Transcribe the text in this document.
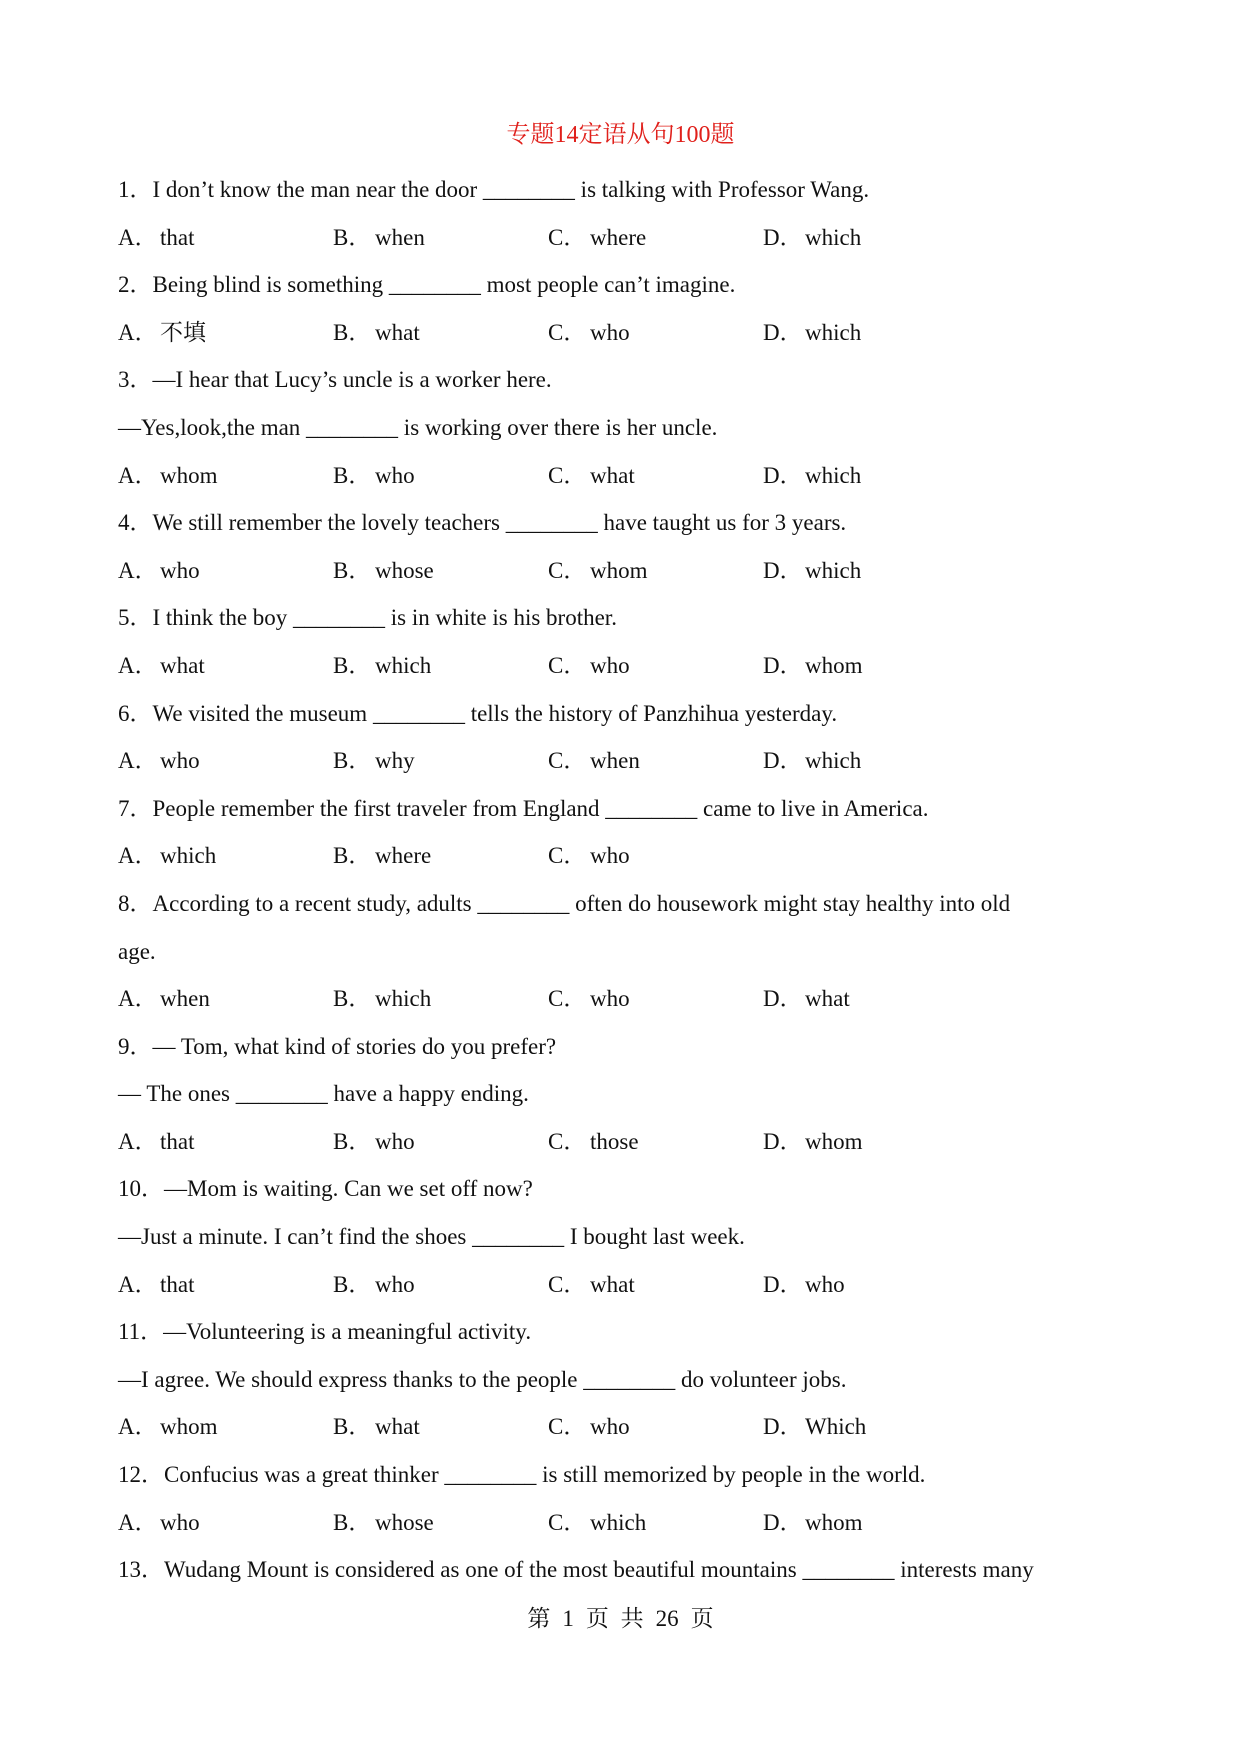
专题14定语从句100题
1．I don’t know the man near the door ________ is talking with Professor Wang.
A． that	B． when	C． where	D． which
2．Being blind is something ________ most people can’t imagine.
A． 不填	B． what	C． who	D． which
3．—I hear that Lucy’s uncle is a worker here.
—Yes,look,the man ________ is working over there is her uncle.
A． whom	B． who	C． what	D． which
4．We still remember the lovely teachers ________ have taught us for 3 years.
A． who	B． whose	C． whom	D． which
5．I think the boy ________ is in white is his brother.
A． what	B． which	C． who	D． whom
6．We visited the museum ________ tells the history of Panzhihua yesterday.
A． who	B． why	C． when	D． which
7．People remember the first traveler from England ________ came to live in America.
A． which	B． where	C． who
8．According to a recent study, adults ________ often do housework might stay healthy into old
age.
A． when	B． which	C． who	D． what
9．— Tom, what kind of stories do you prefer?
— The ones ________ have a happy ending.
A． that	B． who	C． those	D． whom
10．—Mom is waiting. Can we set off now?
—Just a minute. I can’t find the shoes ________ I bought last week.
A． that	B． who	C． what	D． who
11．—Volunteering is a meaningful activity.
—I agree. We should express thanks to the people ________ do volunteer jobs.
A． whom	B． what	C． who	D． Which
12．Confucius was a great thinker ________ is still memorized by people in the world.
A． who	B． whose	C． which	D． whom
13．Wudang Mount is considered as one of the most beautiful mountains ________ interests many
第 1 页 共 26 页
